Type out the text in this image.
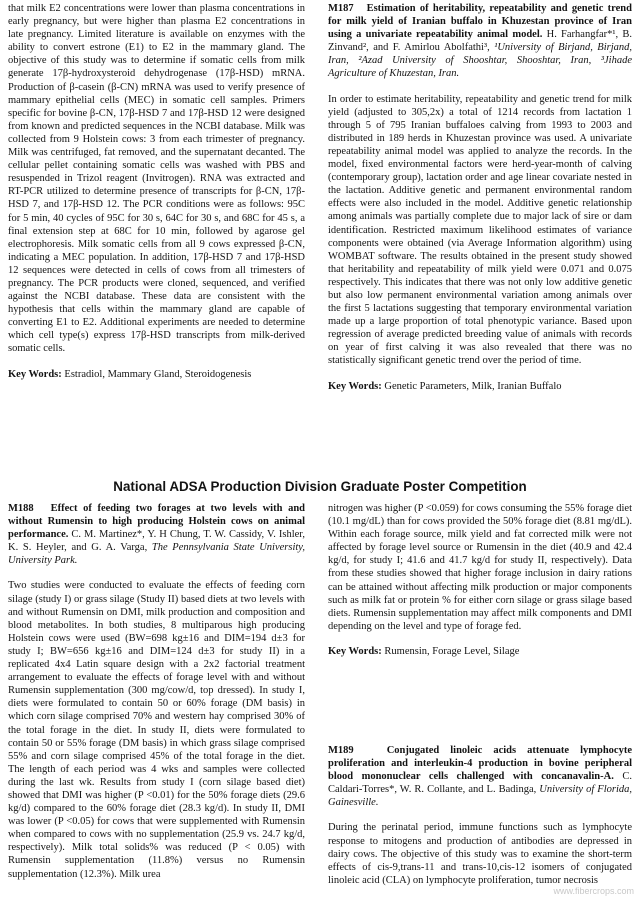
that milk E2 concentrations were lower than plasma concentrations in early pregnancy, but were higher than plasma E2 concentrations in late pregnancy. Limited literature is available on enzymes with the ability to convert estrone (E1) to E2 in the mammary gland. The objective of this study was to determine if somatic cells from milk generate 17β-hydroxysteroid dehydrogenase (17β-HSD) mRNA. Production of β-casein (β-CN) mRNA was used to verify presence of mammary epithelial cells (MEC) in somatic cell samples. Primers specific for bovine β-CN, 17β-HSD 7 and 17β-HSD 12 were designed from known and predicted sequences in the NCBI database. Milk was collected from 9 Holstein cows: 3 from each trimester of pregnancy. Milk was centrifuged, fat removed, and the supernatant decanted. The cellular pellet containing somatic cells was washed with PBS and resuspended in Trizol reagent (Invitrogen). RNA was extracted and RT-PCR utilized to determine presence of transcripts for β-CN, 17β-HSD 7, and 17β-HSD 12. The PCR conditions were as follows: 95C for 5 min, 40 cycles of 95C for 30 s, 64C for 30 s, and 68C for 45 s, a final extension step at 68C for 10 min, followed by agarose gel electrophoresis. Milk somatic cells from all 9 cows expressed β-CN, indicating a MEC population. In addition, 17β-HSD 7 and 17β-HSD 12 sequences were detected in cells of cows from all trimesters of pregnancy. The PCR products were cloned, sequenced, and verified against the NCBI database. These data are consistent with the hypothesis that cells within the mammary gland are capable of converting E1 to E2. Additional experiments are needed to determine which cell type(s) express 17β-HSD transcripts from milk-derived somatic cells.

Key Words: Estradiol, Mammary Gland, Steroidogenesis

M187 Estimation of heritability, repeatability and genetic trend for milk yield of Iranian buffalo in Khuzestan province of Iran using a univariate repeatability animal model. H. Farhangfar*¹, B. Zinvand², and F. Amirlou Abolfathi³, ¹University of Birjand, Birjand, Iran, ²Azad University of Shooshtar, Shooshtar, Iran, ³Jihade Agriculture of Khuzestan, Iran.

In order to estimate heritability, repeatability and genetic trend for milk yield (adjusted to 305,2x) a total of 1214 records from lactation 1 through 5 of 795 Iranian buffaloes calving from 1993 to 2003 and distributed in 189 herds in Khuzestan province was used. A univariate repeatability animal model was applied to analyze the records. In the model, fixed environmental factors were herd-year-month of calving (contemporary group), lactation order and age linear covariate nested in the lactation. Additive genetic and permanent environmental random effects were also included in the model. Additive genetic relationship among animals was partially complete due to major lack of sire or dam identification. Restricted maximum likelihood estimates of variance components were obtained (via Average Information algorithm) using WOMBAT software. The results obtained in the present study showed that heritability and repeatability of milk yield were 0.071 and 0.075 respectively. This indicates that there was not only low additive genetic but also low permanent environmental variation among animals over the first 5 lactations suggesting that temporary environmental variation made up a large proportion of total phenotypic variance. Based upon regression of average predicted breeding value of animals with records on year of first calving it was also revealed that there was no statistically significant genetic trend over the period of time.

Key Words: Genetic Parameters, Milk, Iranian Buffalo

National ADSA Production Division Graduate Poster Competition

M188 Effect of feeding two forages at two levels with and without Rumensin to high producing Holstein cows on animal performance. C. M. Martinez*, Y. H Chung, T. W. Cassidy, V. Ishler, K. S. Heyler, and G. A. Varga, The Pennsylvania State University, University Park.

Two studies were conducted to evaluate the effects of feeding corn silage (study I) or grass silage (Study II) based diets at two levels with and without Rumensin on DMI, milk production and composition and blood metabolites. In both studies, 8 multiparous high producing Holstein cows were used (BW=698 kg±16 and DIM=194 d±3 for study I; BW=656 kg±16 and DIM=124 d±3 for study II) in a replicated 4x4 Latin square design with a 2x2 factorial treatment arrangement to evaluate the effects of forage level with and without Rumensin supplementation (300 mg/cow/d, top dressed). In study I, diets were formulated to contain 50 or 60% forage (DM basis) in which corn silage comprised 70% and western hay comprised 30% of the total forage in the diet. In study II, diets were formulated to contain 50 or 55% forage (DM basis) in which grass silage comprised 55% and corn silage comprised 45% of the total forage in the diet. The length of each period was 4 wks and samples were collected during the last wk. Results from study I (corn silage based diet) showed that DMI was higher (P <0.01) for the 50% forage diets (29.6 kg/d) compared to the 60% forage diet (28.3 kg/d). In study II, DMI was lower (P <0.05) for cows that were supplemented with Rumensin when compared to cows with no supplementation (25.9 vs. 24.7 kg/d, respectively). Milk total solids% was reduced (P < 0.05) with Rumensin supplementation (11.8%) versus no Rumensin supplementation (12.3%). Milk urea

nitrogen was higher (P <0.059) for cows consuming the 55% forage diet (10.1 mg/dL) than for cows provided the 50% forage diet (8.81 mg/dL). Within each forage source, milk yield and fat corrected milk were not affected by forage level source or Rumensin in the diet (40.9 and 42.4 kg/d, for study I; 41.6 and 41.7 kg/d for study II, respectively). Data from these studies showed that higher forage inclusion in dairy rations can be attained without affecting milk production or major components such as milk fat or protein % for either corn silage or grass silage based diets. Rumensin supplementation may affect milk components and DMI depending on the level and type of forage fed.

Key Words: Rumensin, Forage Level, Silage

M189	Conjugated linoleic acids attenuate lymphocyte proliferation and interleukin-4 production in bovine peripheral blood mononuclear cells challenged with concanavalin-A. C. Caldari-Torres*, W. R. Collante, and L. Badinga, University of Florida, Gainesville.

During the perinatal period, immune functions such as lymphocyte response to mitogens and production of antibodies are depressed in dairy cows. The objective of this study was to examine the short-term effects of cis-9,trans-11 and trans-10,cis-12 isomers of conjugated linoleic acid (CLA) on lymphocyte proliferation, tumor necrosis

www.fibercrops.com
